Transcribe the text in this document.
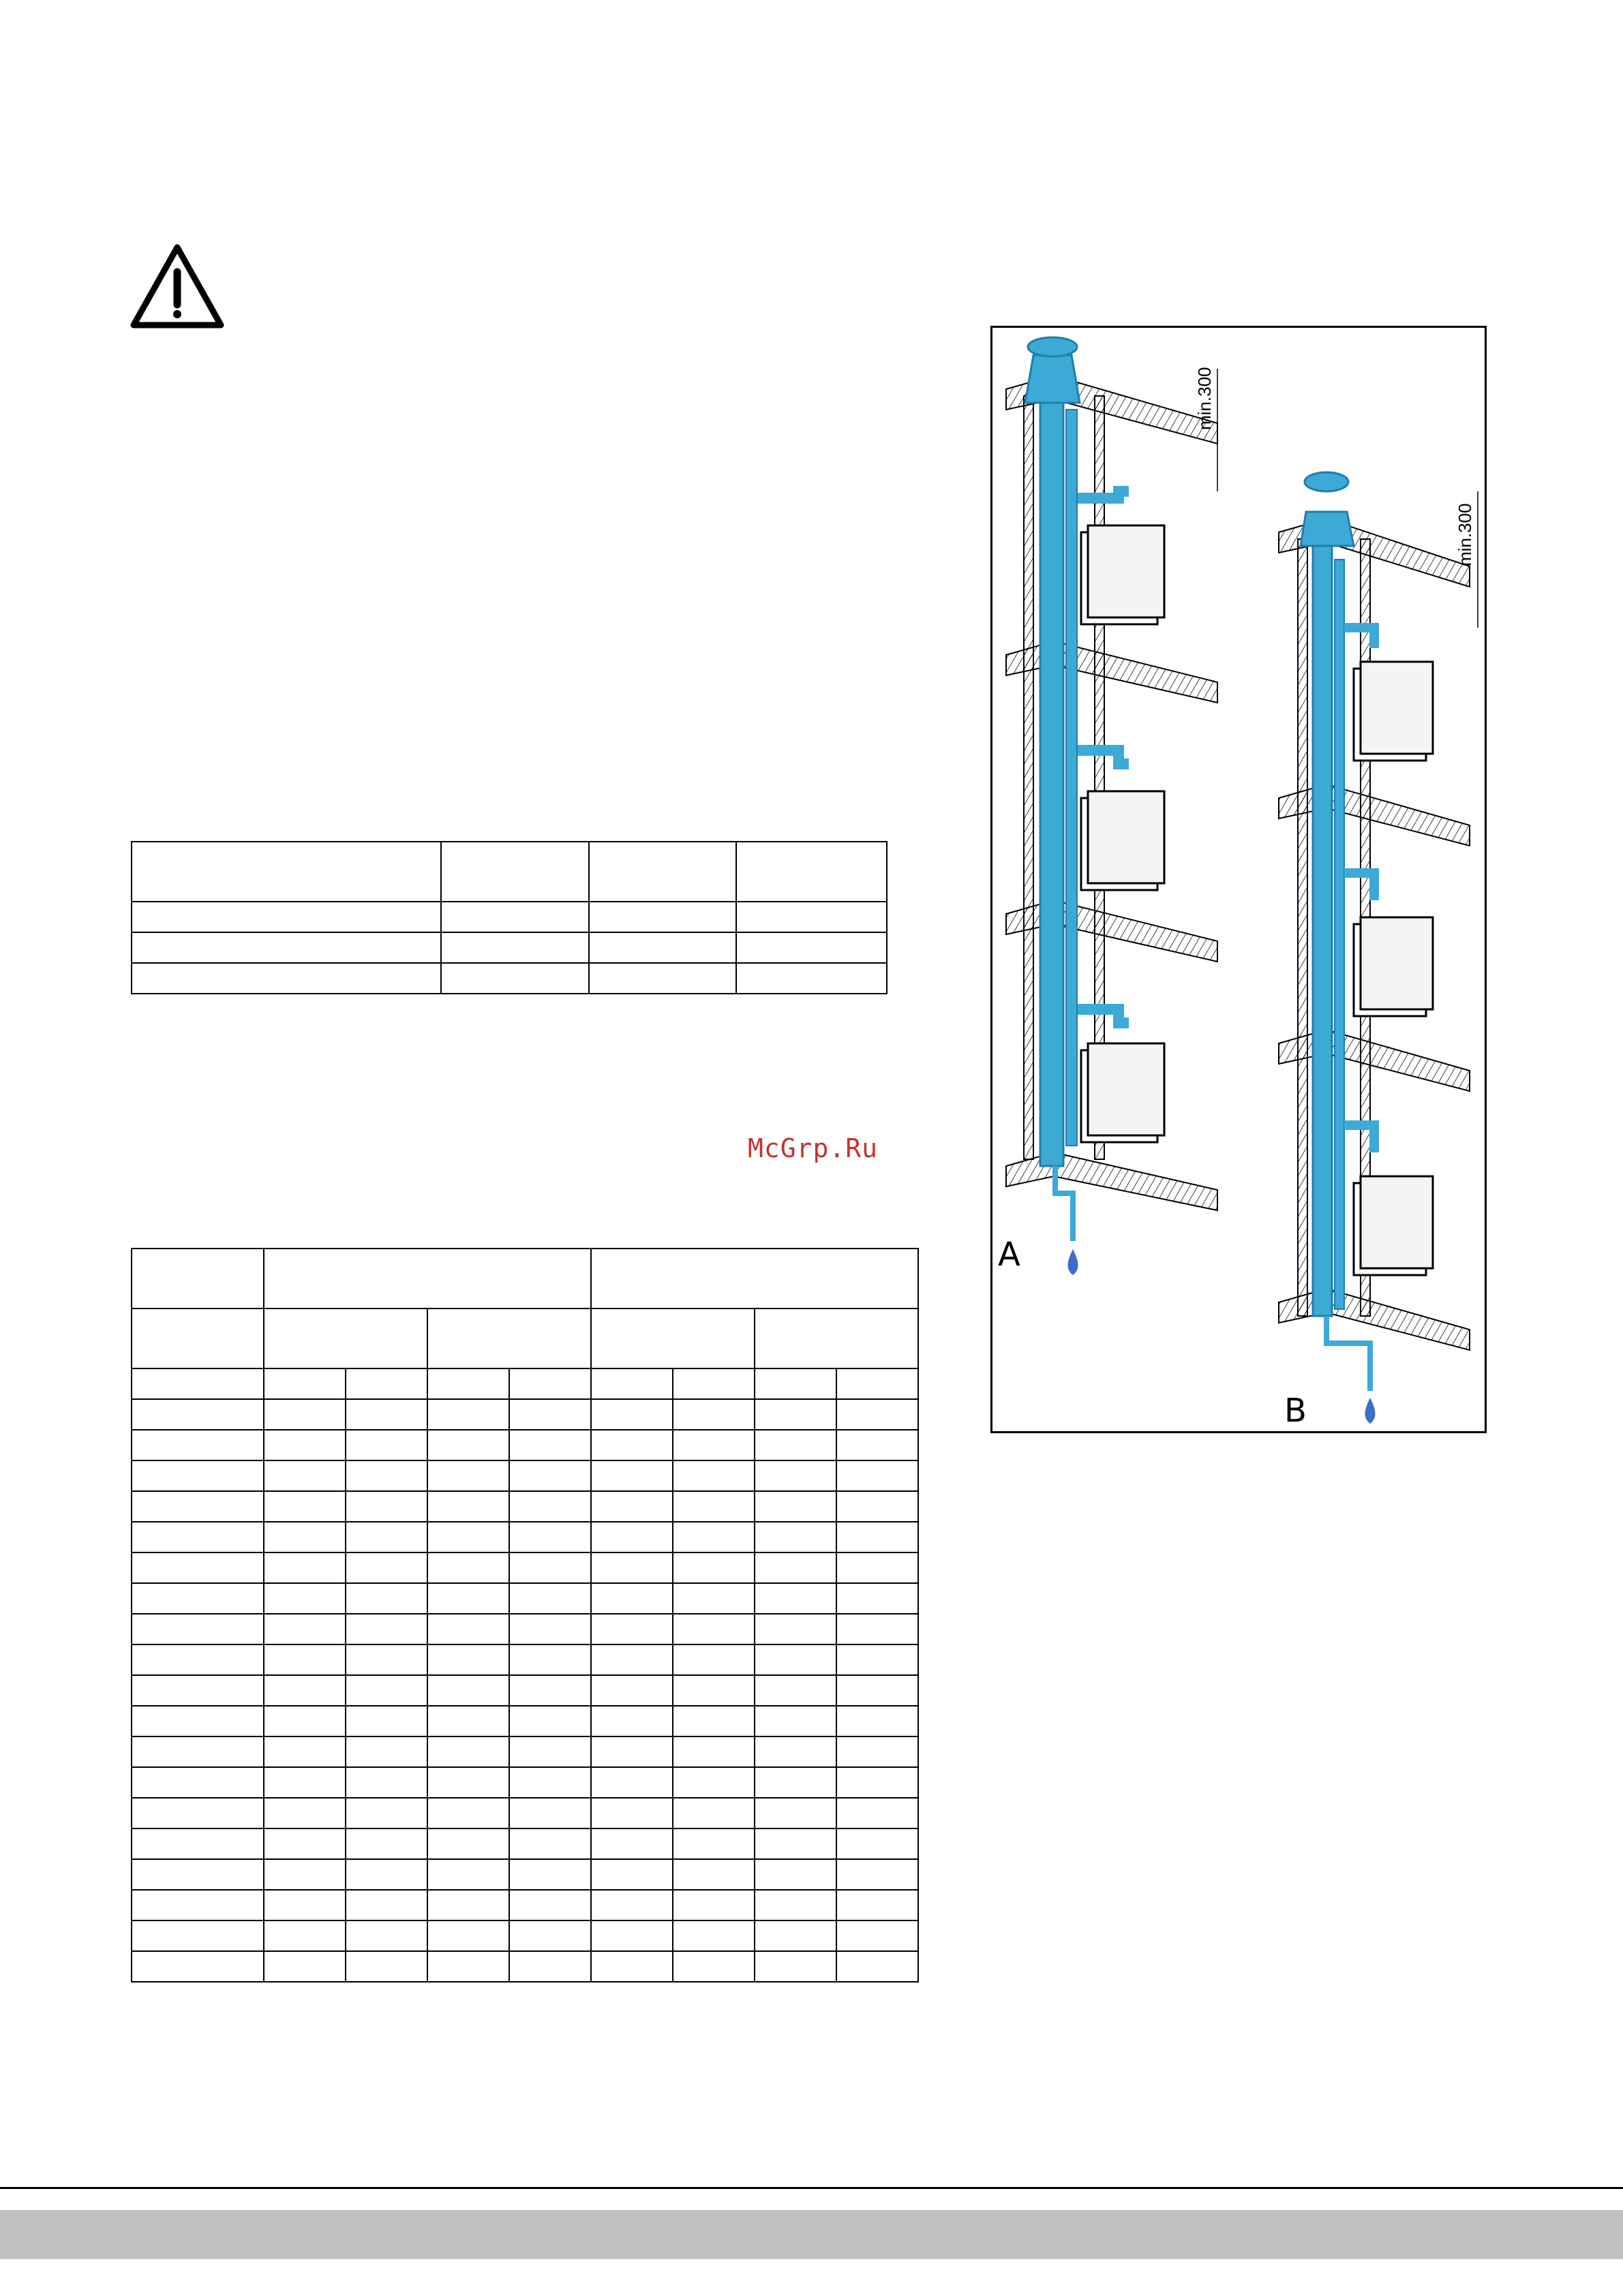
McGrp.Ru

min.300
A
min.300
B
